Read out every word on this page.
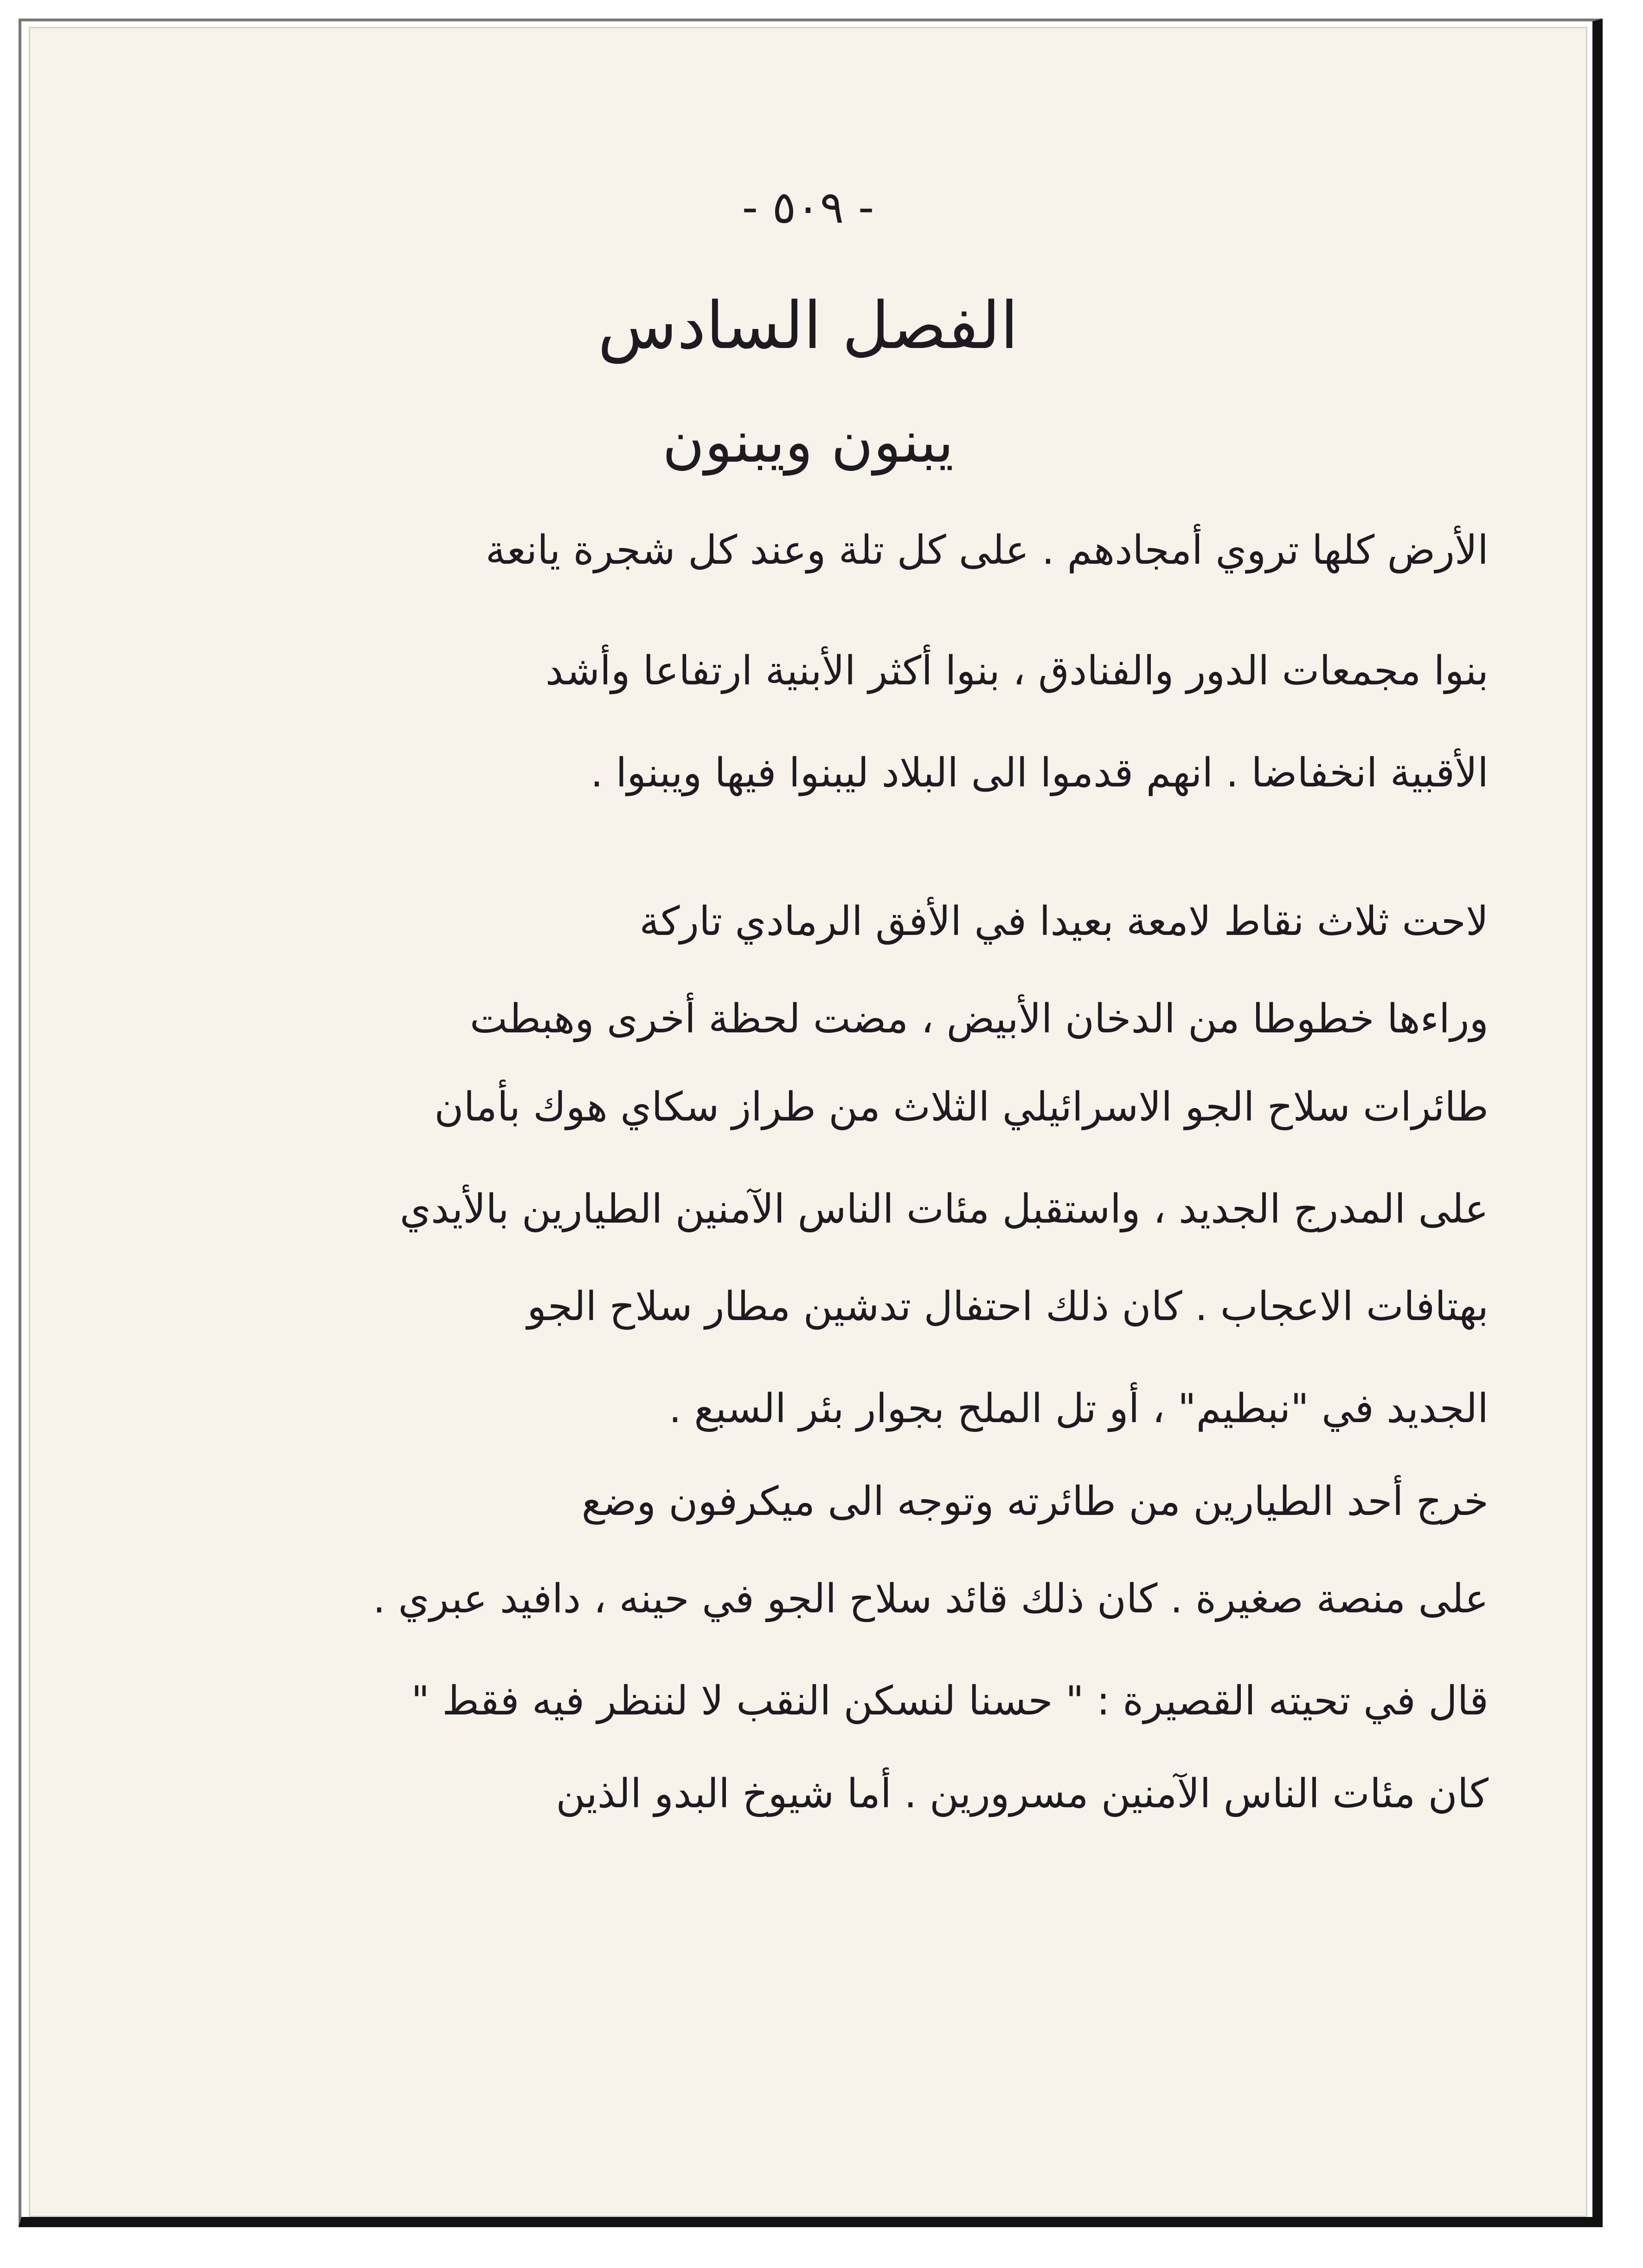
- ٥٠٩ -
الفصل السادس
يبنون ويبنون
الأرض كلها تروي أمجادهم . على كل تلة وعند كل شجرة يانعة
بنوا مجمعات الدور والفنادق ، بنوا أكثر الأبنية ارتفاعا وأشد
الأقبية انخفاضا . انهم قدموا الى البلاد ليبنوا فيها ويبنوا .
لاحت ثلاث نقاط لامعة بعيدا في الأفق الرمادي تاركة
وراءها خطوطا من الدخان الأبيض ، مضت لحظة أخرى وهبطت
طائرات سلاح الجو الاسرائيلي الثلاث من طراز سكاي هوك بأمان
على المدرج الجديد ، واستقبل مئات الناس الآمنين الطيارين بالأيدي
بهتافات الاعجاب . كان ذلك احتفال تدشين مطار سلاح الجو
الجديد في "نبطيم" ، أو تل الملح بجوار بئر السبع .
خرج أحد الطيارين من طائرته وتوجه الى ميكرفون وضع
على منصة صغيرة . كان ذلك قائد سلاح الجو في حينه ، دافيد عبري .
قال في تحيته القصيرة : " حسنا لنسكن النقب لا لننظر فيه فقط "
كان مئات الناس الآمنين مسرورين . أما شيوخ البدو الذين
